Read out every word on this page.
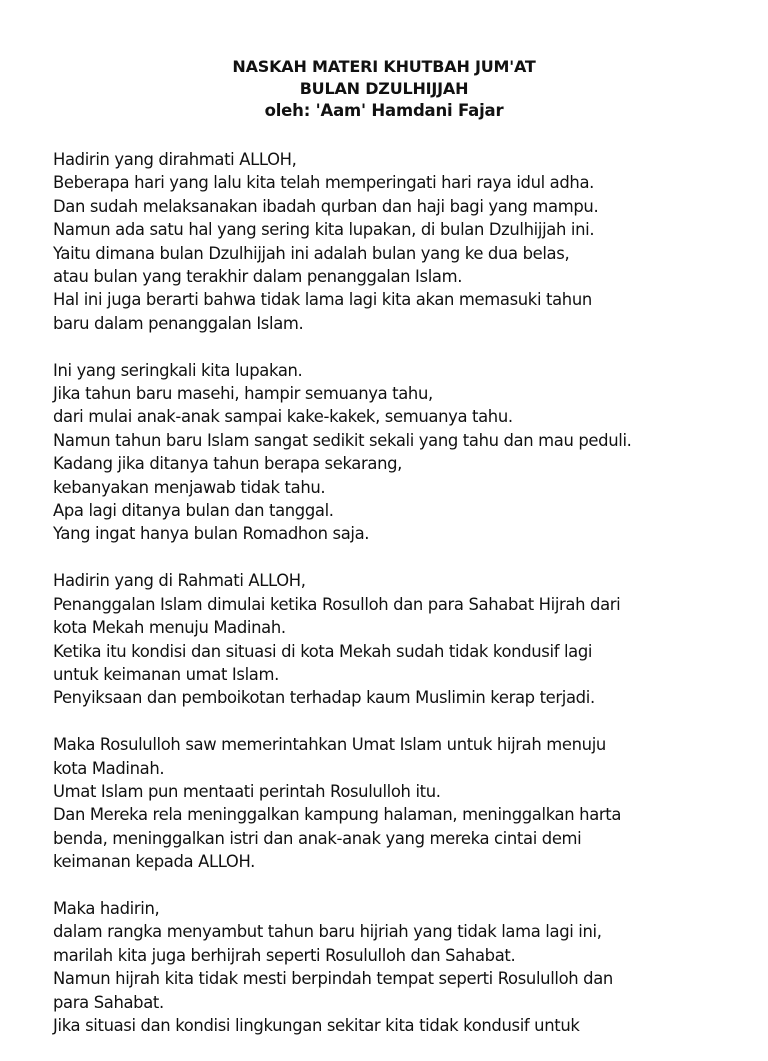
NASKAH MATERI KHUTBAH JUM'AT
BULAN DZULHIJJAH
oleh: 'Aam' Hamdani Fajar
Hadirin yang dirahmati ALLOH,
Beberapa hari yang lalu kita telah memperingati hari raya idul adha.
Dan sudah melaksanakan ibadah qurban dan haji bagi yang mampu.
Namun ada satu hal yang sering kita lupakan, di bulan Dzulhijjah ini.
Yaitu dimana bulan Dzulhijjah ini adalah bulan yang ke dua belas,
atau bulan yang terakhir dalam penanggalan Islam.
Hal ini juga berarti bahwa tidak lama lagi kita akan memasuki tahun
baru dalam penanggalan Islam.
Ini yang seringkali kita lupakan.
Jika tahun baru masehi, hampir semuanya tahu,
dari mulai anak-anak sampai kake-kakek, semuanya tahu.
Namun tahun baru Islam sangat sedikit sekali yang tahu dan mau peduli.
Kadang jika ditanya tahun berapa sekarang,
kebanyakan menjawab tidak tahu.
Apa lagi ditanya bulan dan tanggal.
Yang ingat hanya bulan Romadhon saja.
Hadirin yang di Rahmati ALLOH,
Penanggalan Islam dimulai ketika Rosulloh dan para Sahabat Hijrah dari
kota Mekah menuju Madinah.
Ketika itu kondisi dan situasi di kota Mekah sudah tidak kondusif lagi
untuk keimanan umat Islam.
Penyiksaan dan pemboikotan terhadap kaum Muslimin kerap terjadi.
Maka Rosululloh saw memerintahkan Umat Islam untuk hijrah menuju
kota Madinah.
Umat Islam pun mentaati perintah Rosululloh itu.
Dan Mereka rela meninggalkan kampung halaman, meninggalkan harta
benda, meninggalkan istri dan anak-anak yang mereka cintai demi
keimanan kepada ALLOH.
Maka hadirin,
dalam rangka menyambut tahun baru hijriah yang tidak lama lagi ini,
marilah kita juga berhijrah seperti Rosululloh dan Sahabat.
Namun hijrah kita tidak mesti berpindah tempat seperti Rosululloh dan
para Sahabat.
Jika situasi dan kondisi lingkungan sekitar kita tidak kondusif untuk
